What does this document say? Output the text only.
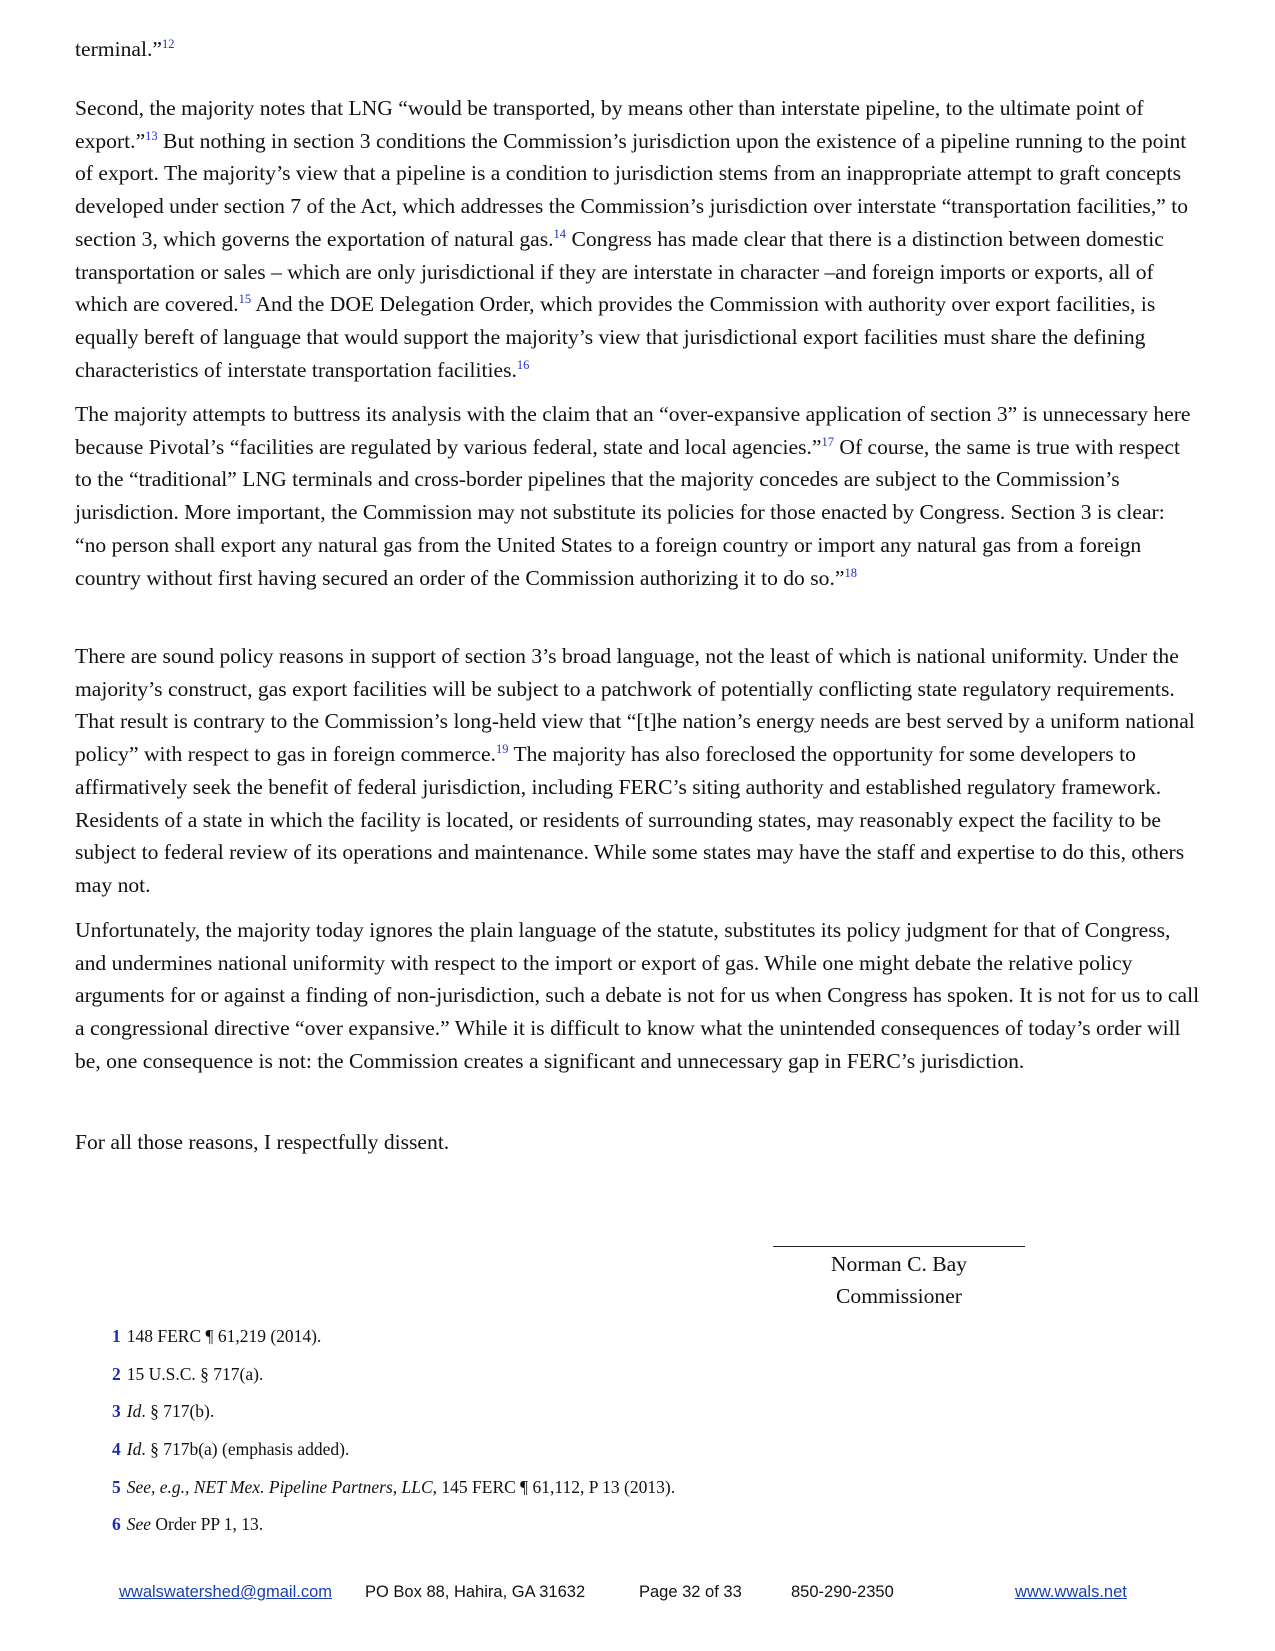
terminal.”$^{12}$

Second, the majority notes that LNG “would be transported, by means other than interstate pipeline, to the ultimate point of export.”$^{13}$ But nothing in section 3 conditions the Commission’s jurisdiction upon the existence of a pipeline running to the point of export. The majority’s view that a pipeline is a condition to jurisdiction stems from an inappropriate attempt to graft concepts developed under section 7 of the Act, which addresses the Commission’s jurisdiction over interstate “transportation facilities,” to section 3, which governs the exportation of natural gas.$^{14}$ Congress has made clear that there is a distinction between domestic transportation or sales – which are only jurisdictional if they are interstate in character –and foreign imports or exports, all of which are covered.$^{15}$ And the DOE Delegation Order, which provides the Commission with authority over export facilities, is equally bereft of language that would support the majority’s view that jurisdictional export facilities must share the defining characteristics of interstate transportation facilities.$^{16}$

The majority attempts to buttress its analysis with the claim that an “over-expansive application of section 3” is unnecessary here because Pivotal’s “facilities are regulated by various federal, state and local agencies.”$^{17}$ Of course, the same is true with respect to the “traditional” LNG terminals and cross-border pipelines that the majority concedes are subject to the Commission’s jurisdiction. More important, the Commission may not substitute its policies for those enacted by Congress. Section 3 is clear: “no person shall export any natural gas from the United States to a foreign country or import any natural gas from a foreign country without first having secured an order of the Commission authorizing it to do so.”$^{18}$

There are sound policy reasons in support of section 3’s broad language, not the least of which is national uniformity. Under the majority’s construct, gas export facilities will be subject to a patchwork of potentially conflicting state regulatory requirements. That result is contrary to the Commission’s long-held view that “[t]he nation’s energy needs are best served by a uniform national policy” with respect to gas in foreign commerce.$^{19}$ The majority has also foreclosed the opportunity for some developers to affirmatively seek the benefit of federal jurisdiction, including FERC’s siting authority and established regulatory framework. Residents of a state in which the facility is located, or residents of surrounding states, may reasonably expect the facility to be subject to federal review of its operations and maintenance. While some states may have the staff and expertise to do this, others may not.

Unfortunately, the majority today ignores the plain language of the statute, substitutes its policy judgment for that of Congress, and undermines national uniformity with respect to the import or export of gas. While one might debate the relative policy arguments for or against a finding of non-jurisdiction, such a debate is not for us when Congress has spoken. It is not for us to call a congressional directive “over expansive.” While it is difficult to know what the unintended consequences of today’s order will be, one consequence is not: the Commission creates a significant and unnecessary gap in FERC’s jurisdiction.

For all those reasons, I respectfully dissent.

Norman C. Bay
Commissioner
1 148 FERC ¶ 61,219 (2014).
2 15 U.S.C. § 717(a).
3 Id. § 717(b).
4 Id. § 717b(a) (emphasis added).
5 See, e.g., NET Mex. Pipeline Partners, LLC, 145 FERC ¶ 61,112, P 13 (2013).
6 See Order PP 1, 13.
wwalswatershed@gmail.com PO Box 88, Hahira, GA 31632	Page 32 of 33	850-290-2350	www.wwals.net
